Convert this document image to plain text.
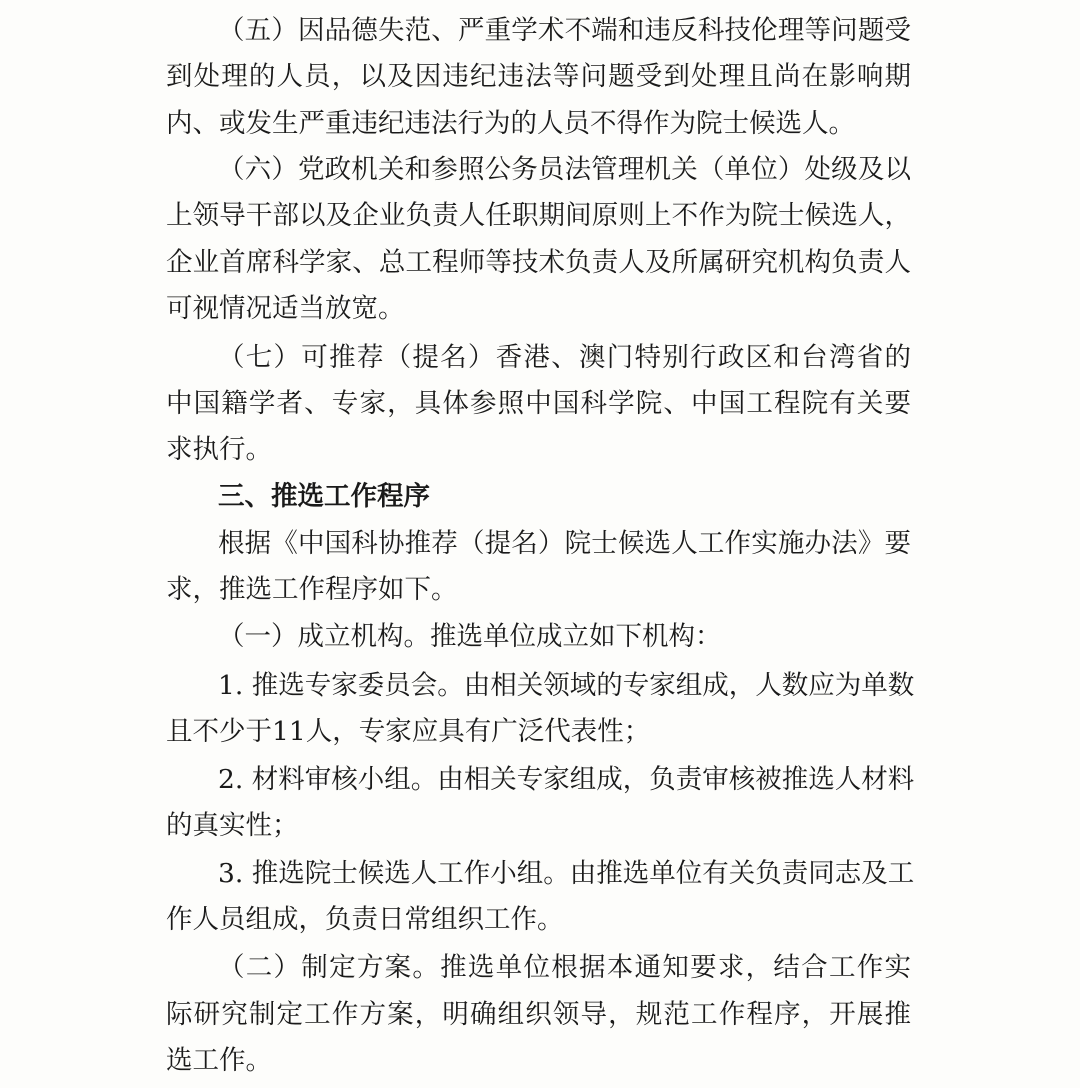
（五）因品德失范、严重学术不端和违反科技伦理等问题受
到处理的人员，以及因违纪违法等问题受到处理且尚在影响期
内、或发生严重违纪违法行为的人员不得作为院士候选人。
（六）党政机关和参照公务员法管理机关（单位）处级及以
上领导干部以及企业负责人任职期间原则上不作为院士候选人，
企业首席科学家、总工程师等技术负责人及所属研究机构负责人
可视情况适当放宽。
（七）可推荐（提名）香港、澳门特别行政区和台湾省的
中国籍学者、专家，具体参照中国科学院、中国工程院有关要
求执行。
三、推选工作程序
根据《中国科协推荐（提名）院士候选人工作实施办法》要
求，推选工作程序如下。
（一）成立机构。推选单位成立如下机构：
1. 推选专家委员会。由相关领域的专家组成，人数应为单数
且不少于11人，专家应具有广泛代表性；
2. 材料审核小组。由相关专家组成，负责审核被推选人材料
的真实性；
3. 推选院士候选人工作小组。由推选单位有关负责同志及工
作人员组成，负责日常组织工作。
（二）制定方案。推选单位根据本通知要求，结合工作实
际研究制定工作方案，明确组织领导，规范工作程序，开展推
选工作。
